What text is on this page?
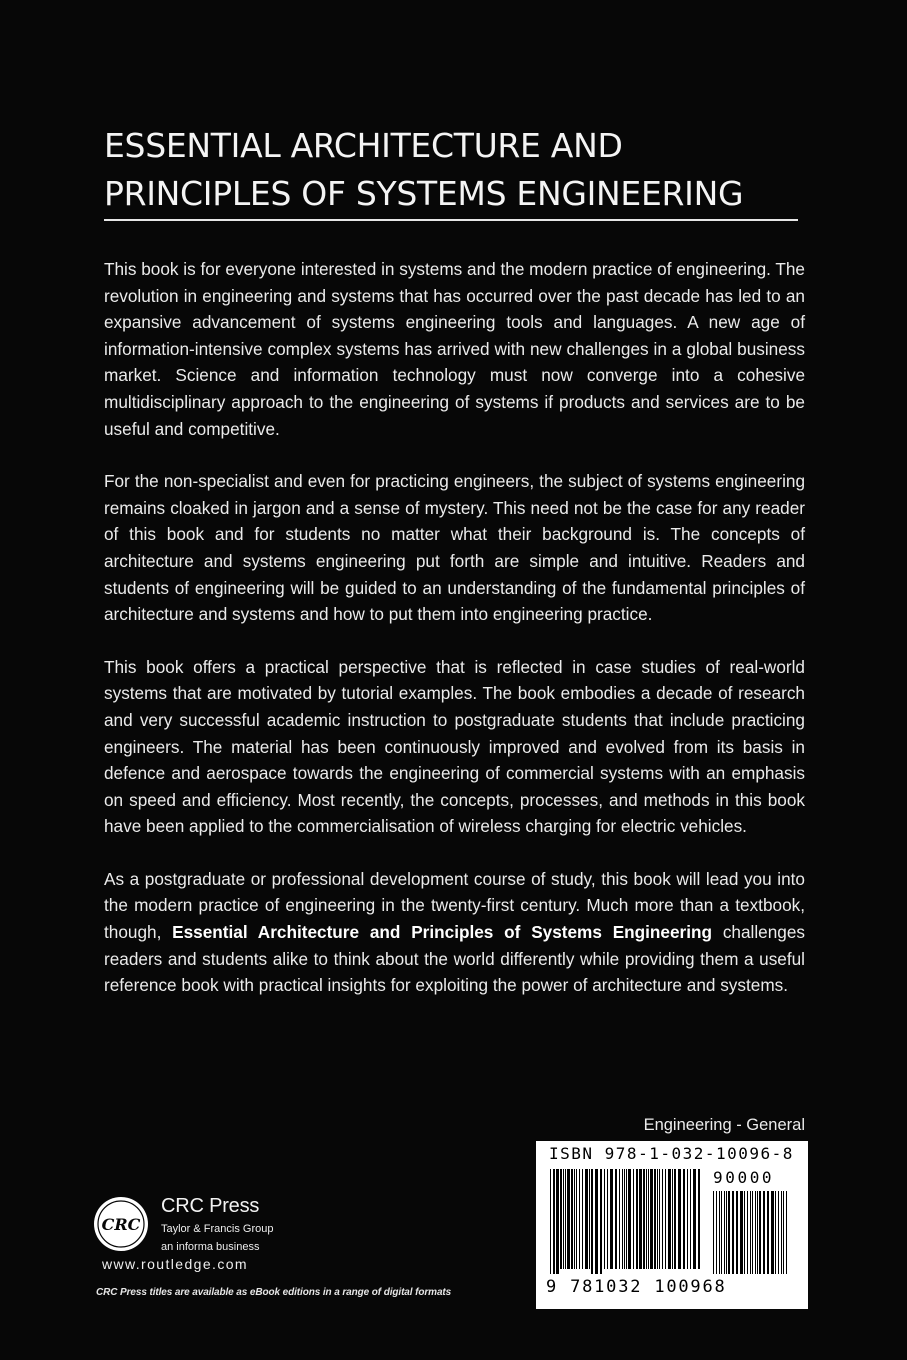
ESSENTIAL ARCHITECTURE AND
PRINCIPLES OF SYSTEMS ENGINEERING

This book is for everyone interested in systems and the modern practice of engineering. The revolution in engineering and systems that has occurred over the past decade has led to an expansive advancement of systems engineering tools and languages. A new age of information-intensive complex systems has arrived with new challenges in a global business market. Science and information technology must now converge into a cohesive multidisciplinary approach to the engineering of systems if products and services are to be useful and competitive.

For the non-specialist and even for practicing engineers, the subject of systems engineering remains cloaked in jargon and a sense of mystery. This need not be the case for any reader of this book and for students no matter what their background is. The concepts of architecture and systems engineering put forth are simple and intuitive. Readers and students of engineering will be guided to an understanding of the fundamental principles of architecture and systems and how to put them into engineering practice.

This book offers a practical perspective that is reflected in case studies of real-world systems that are motivated by tutorial examples. The book embodies a decade of research and very successful academic instruction to postgraduate students that include practicing engineers. The material has been continuously improved and evolved from its basis in defence and aerospace towards the engineering of commercial systems with an emphasis on speed and efficiency. Most recently, the concepts, processes, and methods in this book have been applied to the commercialisation of wireless charging for electric vehicles.

As a postgraduate or professional development course of study, this book will lead you into the modern practice of engineering in the twenty-first century. Much more than a textbook, though, Essential Architecture and Principles of Systems Engineering challenges readers and students alike to think about the world differently while providing them a useful reference book with practical insights for exploiting the power of architecture and systems.

Engineering - General
ISBN 978-1-032-10096-8
90000
9 781032 100968
CRC
CRC Press
Taylor & Francis Group
an informa business
www.routledge.com
CRC Press titles are available as eBook editions in a range of digital formats
